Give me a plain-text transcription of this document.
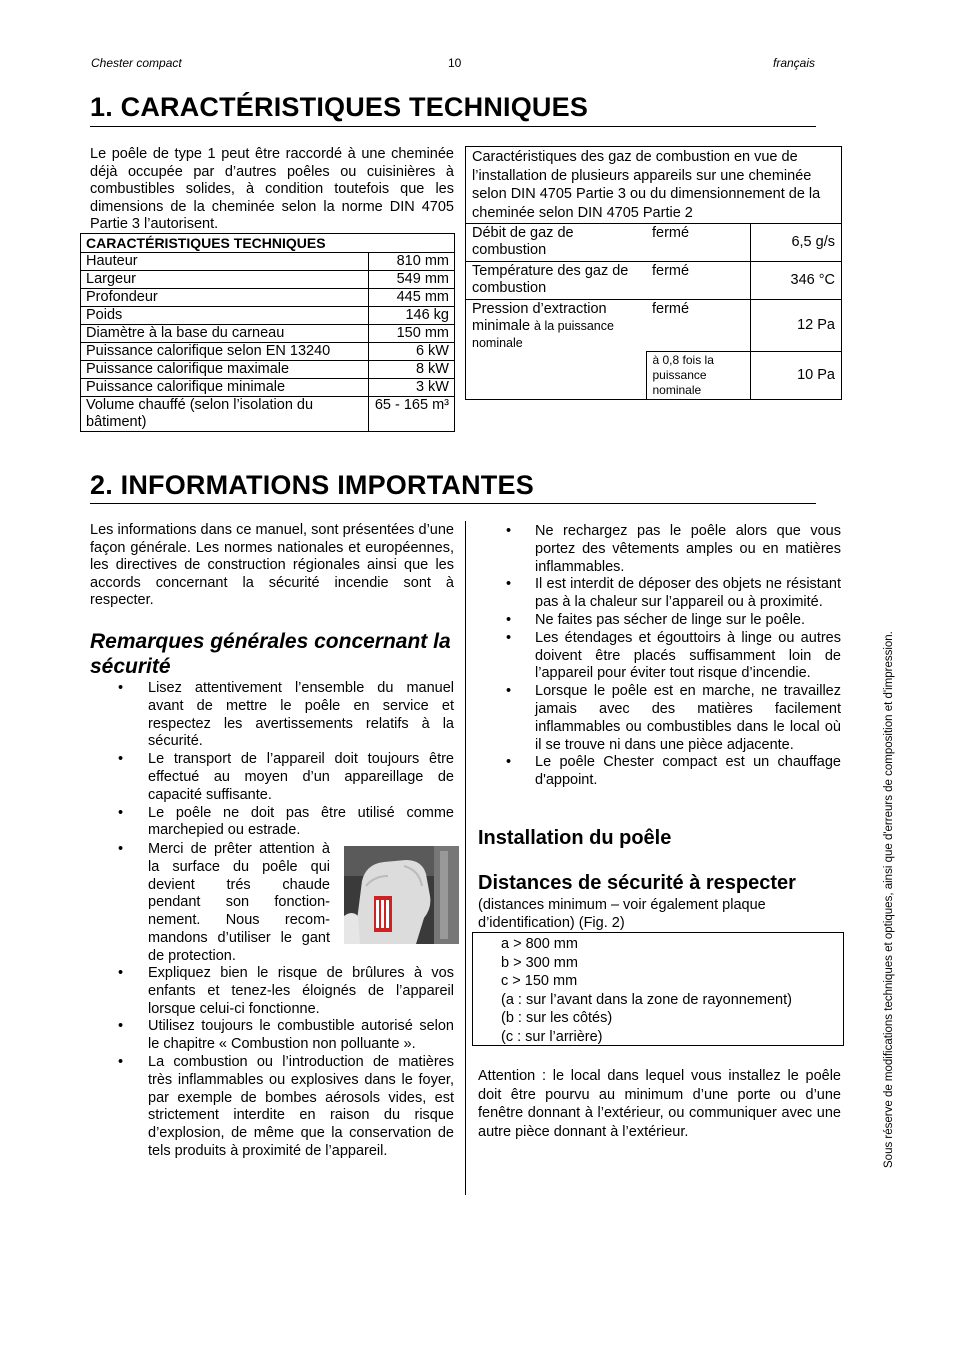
Chester compact	10	français
1. CARACTÉRISTIQUES TECHNIQUES
Le poêle de type 1 peut être raccordé à une cheminée déjà occupée par d’autres poêles ou cuisinières à combustibles solides, à condition toutefois que les dimensions de la cheminée selon la norme DIN 4705 Partie 3 l’autorisent.
CARACTÉRISTIQUES TECHNIQUES	
Hauteur	810 mm
Largeur	549 mm
Profondeur	445 mm
Poids	146 kg
Diamètre à la base du carneau	150 mm
Puissance calorifique selon EN 13240	6 kW
Puissance calorifique maximale	8 kW
Puissance calorifique minimale	3 kW
Volume chauffé (selon l’isolation du bâtiment)	65 - 165 m³
Caractéristiques des gaz de combustion en vue de l’installation de plusieurs appareils sur une cheminée selon DIN 4705 Partie 3 ou du dimensionnement de la cheminée selon DIN 4705 Partie 2		
Débit de gaz de combustion	fermé	6,5 g/s
Température des gaz de combustion	fermé	346 °C
Pression d’extraction minimale à la puissance nominale	fermé	12 Pa
	à 0,8 fois la puissance nominale	10 Pa
2. INFORMATIONS IMPORTANTES
Les informations dans ce manuel, sont présentées d’une façon générale. Les normes nationales et européennes, les directives de construction régionales ainsi que les accords concernant la sécurité incendie sont à respecter.
Remarques générales concernant la sécurité
• Lisez attentivement l’ensemble du manuel avant de mettre le poêle en service et respectez les avertissements relatifs à la sécurité.
• Le transport de l’appareil doit toujours être effectué au moyen d’un appareillage de capacité suffisante.
• Le poêle ne doit pas être utilisé comme marchepied ou estrade.
• Merci de prêter attention à la surface du poêle qui devient trés chaude pendant son fonction-nement. Nous recom-mandons d’utiliser le gant de protection.
• Expliquez bien le risque de brûlures à vos enfants et tenez-les éloignés de l’appareil lorsque celui-ci fonctionne.
• Utilisez toujours le combustible autorisé selon le chapitre « Combustion non polluante ».
• La combustion ou l’introduction de matières très inflammables ou explosives dans le foyer, par exemple de bombes aérosols vides, est strictement interdite en raison du risque d’explosion, de même que la conservation de tels produits à proximité de l’appareil.
• Ne rechargez pas le poêle alors que vous portez des vêtements amples ou en matières inflammables.
• Il est interdit de déposer des objets ne résistant pas à la chaleur sur l’appareil ou à proximité.
• Ne faites pas sécher de linge sur le poêle.
• Les étendages et égouttoirs à linge ou autres doivent être placés suffisamment loin de l’appareil pour éviter tout risque d’incendie.
• Lorsque le poêle est en marche, ne travaillez jamais avec des matières facilement inflammables ou combustibles dans le local où il se trouve ni dans une pièce adjacente.
• Le poêle Chester compact est un chauffage d'appoint.
Installation du poêle
Distances de sécurité à respecter
(distances minimum – voir également plaque d’identification) (Fig. 2)
a > 800 mm
b > 300 mm
c > 150 mm
(a : sur l’avant dans la zone de rayonnement)
(b : sur les côtés)
(c : sur l’arrière)
Attention : le local dans lequel vous installez le poêle doit être pourvu au minimum d’une porte ou d’une fenêtre donnant à l’extérieur, ou communiquer avec une autre pièce donnant à l’extérieur.	Sous réserve de modifications techniques et optiques, ainsi que d'erreurs de composition et d'impression.
